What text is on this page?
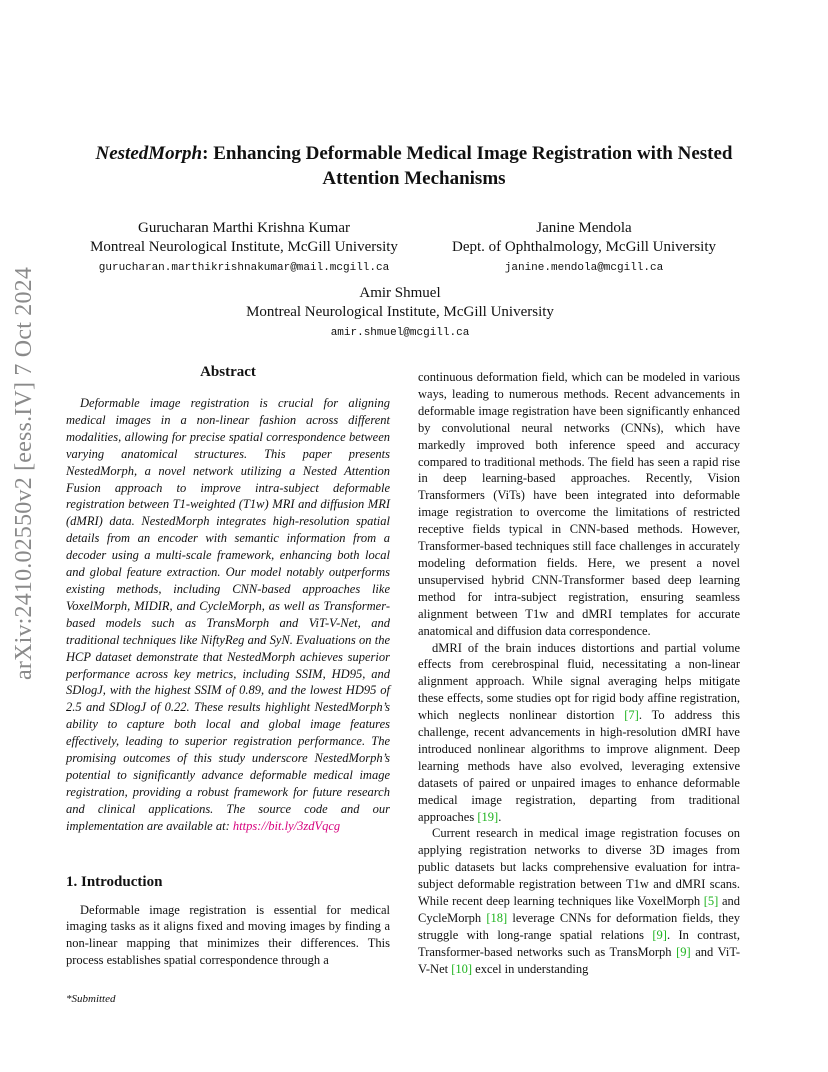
arXiv:2410.02550v2 [eess.IV] 7 Oct 2024
NestedMorph: Enhancing Deformable Medical Image Registration with Nested
Attention Mechanisms
Gurucharan Marthi Krishna Kumar
Montreal Neurological Institute, McGill University
gurucharan.marthikrishnakumar@mail.mcgill.ca
Janine Mendola
Dept. of Ophthalmology, McGill University
janine.mendola@mcgill.ca
Amir Shmuel
Montreal Neurological Institute, McGill University
amir.shmuel@mcgill.ca
Abstract

Deformable image registration is crucial for aligning medical images in a non-linear fashion across different modalities, allowing for precise spatial correspondence between varying anatomical structures. This paper presents NestedMorph, a novel network utilizing a Nested Attention Fusion approach to improve intra-subject deformable registration between T1-weighted (T1w) MRI and diffusion MRI (dMRI) data. NestedMorph integrates high-resolution spatial details from an encoder with semantic information from a decoder using a multi-scale framework, enhancing both local and global feature extraction. Our model notably outperforms existing methods, including CNN-based approaches like VoxelMorph, MIDIR, and CycleMorph, as well as Transformer-based models such as TransMorph and ViT-V-Net, and traditional techniques like NiftyReg and SyN. Evaluations on the HCP dataset demonstrate that NestedMorph achieves superior performance across key metrics, including SSIM, HD95, and SDlogJ, with the highest SSIM of 0.89, and the lowest HD95 of 2.5 and SDlogJ of 0.22. These results highlight NestedMorph’s ability to capture both local and global image features effectively, leading to superior registration performance. The promising outcomes of this study underscore NestedMorph’s potential to significantly advance deformable medical image registration, providing a robust framework for future research and clinical applications. The source code and our implementation are available at: https://bit.ly/3zdVqcg

1. Introduction

Deformable image registration is essential for medical imaging tasks as it aligns fixed and moving images by finding a non-linear mapping that minimizes their differences. This process establishes spatial correspondence through a

continuous deformation field, which can be modeled in various ways, leading to numerous methods. Recent advancements in deformable image registration have been significantly enhanced by convolutional neural networks (CNNs), which have markedly improved both inference speed and accuracy compared to traditional methods. The field has seen a rapid rise in deep learning-based approaches. Recently, Vision Transformers (ViTs) have been integrated into deformable image registration to overcome the limitations of restricted receptive fields typical in CNN-based methods. However, Transformer-based techniques still face challenges in accurately modeling deformation fields. Here, we present a novel unsupervised hybrid CNN-Transformer based deep learning method for intra-subject registration, ensuring seamless alignment between T1w and dMRI templates for accurate anatomical and diffusion data correspondence.

dMRI of the brain induces distortions and partial volume effects from cerebrospinal fluid, necessitating a non-linear alignment approach. While signal averaging helps mitigate these effects, some studies opt for rigid body affine registration, which neglects nonlinear distortion [7]. To address this challenge, recent advancements in high-resolution dMRI have introduced nonlinear algorithms to improve alignment. Deep learning methods have also evolved, leveraging extensive datasets of paired or unpaired images to enhance deformable medical image registration, departing from traditional approaches [19].

Current research in medical image registration focuses on applying registration networks to diverse 3D images from public datasets but lacks comprehensive evaluation for intra-subject deformable registration between T1w and dMRI scans. While recent deep learning techniques like VoxelMorph [5] and CycleMorph [18] leverage CNNs for deformation fields, they struggle with long-range spatial relations [9]. In contrast, Transformer-based networks such as TransMorph [9] and ViT-V-Net [10] excel in understanding

*Submitted
